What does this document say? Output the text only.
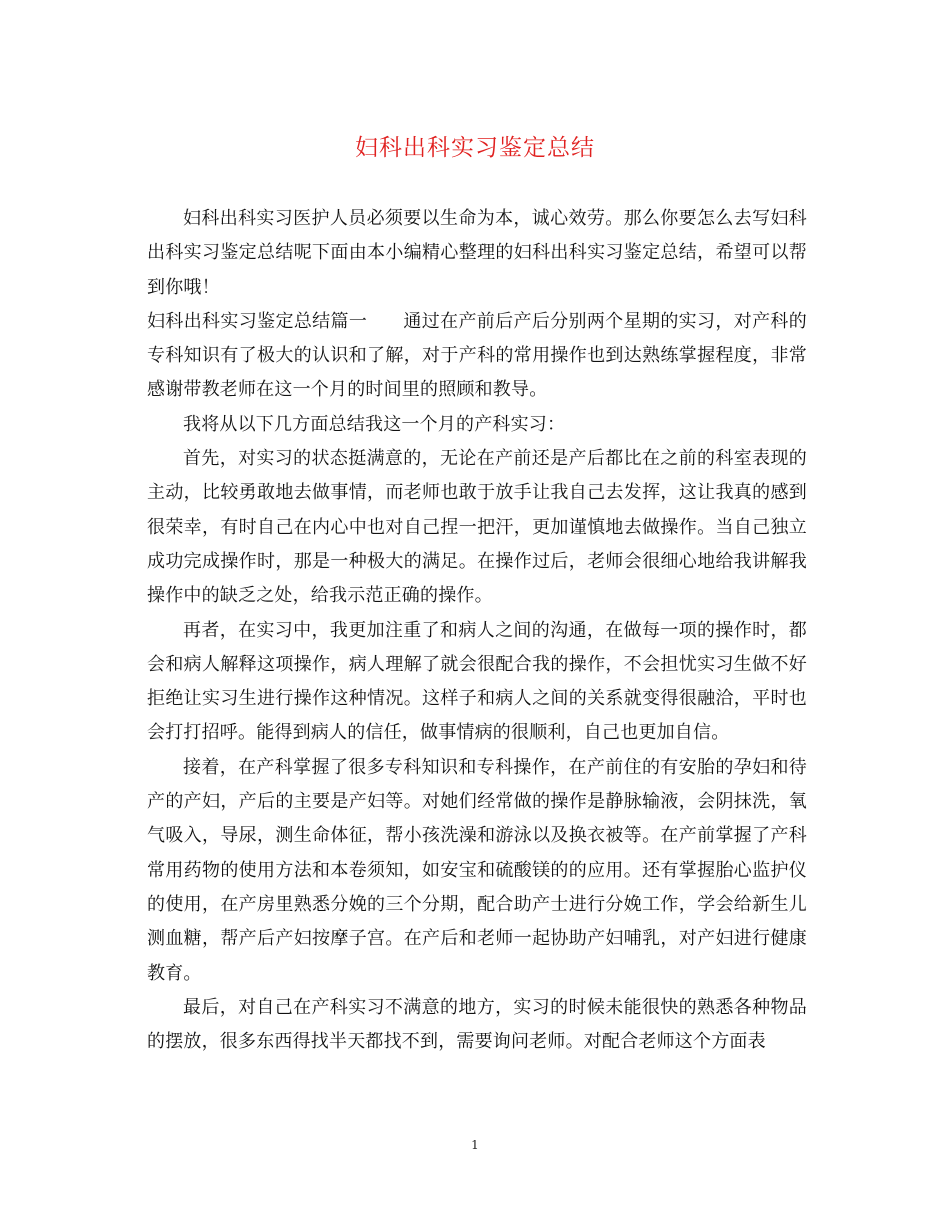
妇科出科实习鉴定总结

妇科出科实习医护人员必须要以生命为本，诚心效劳。那么你要怎么去写妇科出科实习鉴定总结呢下面由本小编精心整理的妇科出科实习鉴定总结，希望可以帮到你哦！

妇科出科实习鉴定总结篇一 通过在产前后产后分别两个星期的实习，对产科的专科知识有了极大的认识和了解，对于产科的常用操作也到达熟练掌握程度，非常感谢带教老师在这一个月的时间里的照顾和教导。

我将从以下几方面总结我这一个月的产科实习：

首先，对实习的状态挺满意的，无论在产前还是产后都比在之前的科室表现的主动，比较勇敢地去做事情，而老师也敢于放手让我自己去发挥，这让我真的感到很荣幸，有时自己在内心中也对自己捏一把汗，更加谨慎地去做操作。当自己独立成功完成操作时，那是一种极大的满足。在操作过后，老师会很细心地给我讲解我操作中的缺乏之处，给我示范正确的操作。

再者，在实习中，我更加注重了和病人之间的沟通，在做每一项的操作时，都会和病人解释这项操作，病人理解了就会很配合我的操作，不会担忧实习生做不好拒绝让实习生进行操作这种情况。这样子和病人之间的关系就变得很融洽，平时也会打打招呼。能得到病人的信任，做事情病的很顺利，自己也更加自信。

接着，在产科掌握了很多专科知识和专科操作，在产前住的有安胎的孕妇和待产的产妇，产后的主要是产妇等。对她们经常做的操作是静脉输液，会阴抹洗，氧气吸入，导尿，测生命体征，帮小孩洗澡和游泳以及换衣被等。在产前掌握了产科常用药物的使用方法和本卷须知，如安宝和硫酸镁的的应用。还有掌握胎心监护仪的使用，在产房里熟悉分娩的三个分期，配合助产士进行分娩工作，学会给新生儿测血糖，帮产后产妇按摩子宫。在产后和老师一起协助产妇哺乳，对产妇进行健康教育。

最后，对自己在产科实习不满意的地方，实习的时候未能很快的熟悉各种物品的摆放，很多东西得找半天都找不到，需要询问老师。对配合老师这个方面表

1
